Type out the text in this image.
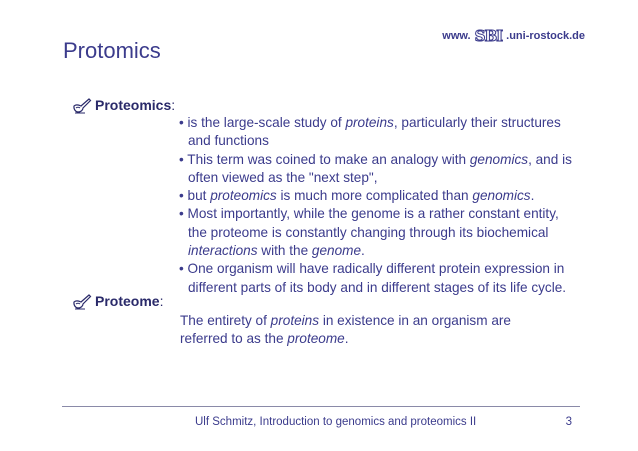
www. SBI .uni-rostock.de
Protomics
Proteomics:
• is the large-scale study of proteins, particularly their structures and functions
• This term was coined to make an analogy with genomics, and is often viewed as the "next step",
• but proteomics is much more complicated than genomics.
• Most importantly, while the genome is a rather constant entity, the proteome is constantly changing through its biochemical interactions with the genome.
• One organism will have radically different protein expression in different parts of its body and in different stages of its life cycle.
Proteome:
The entirety of proteins in existence in an organism are referred to as the proteome.
Ulf Schmitz, Introduction to genomics and proteomics II	3
